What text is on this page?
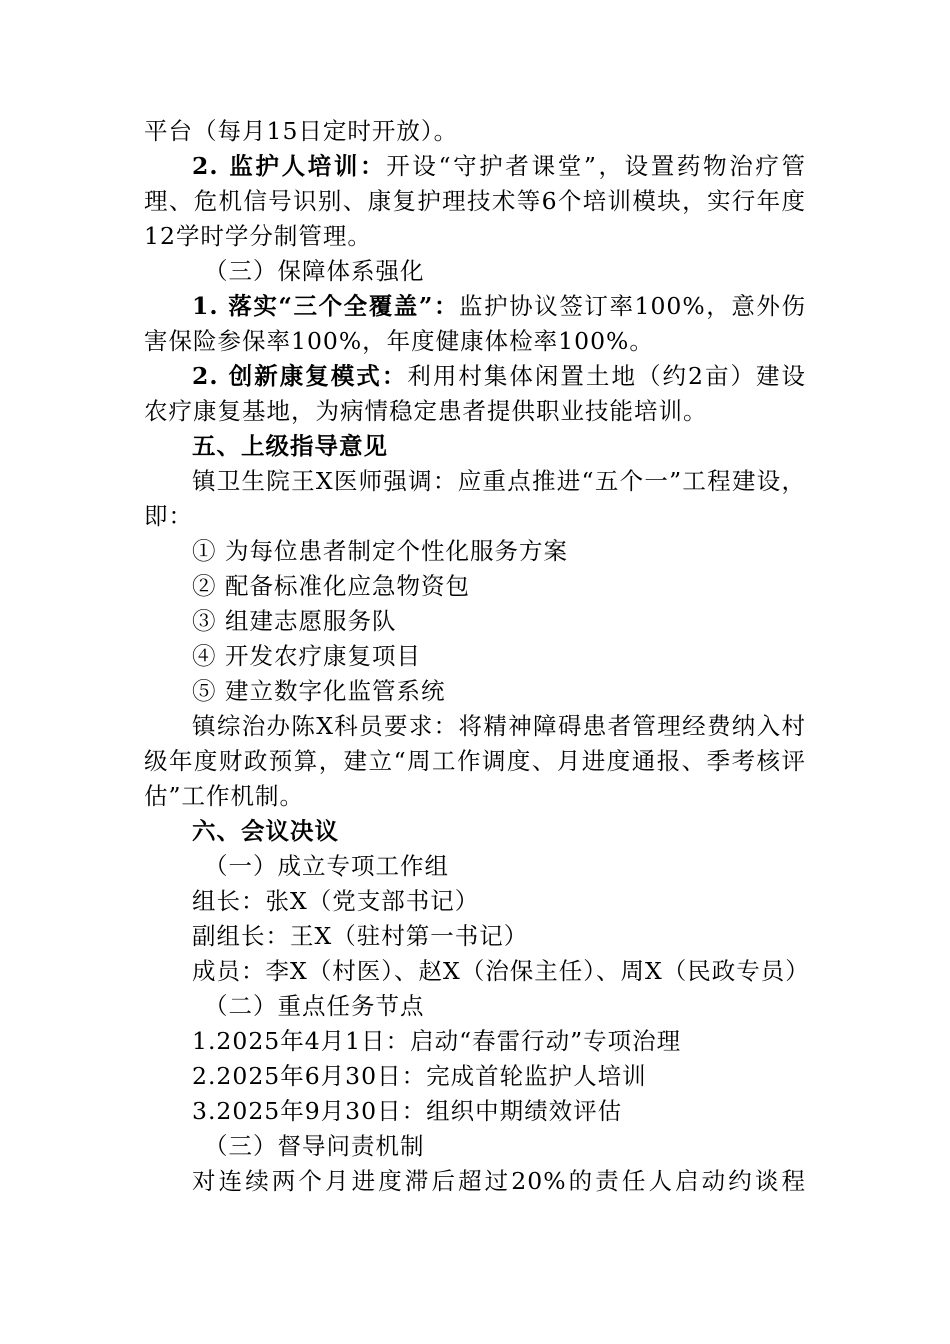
平台（每月15日定时开放）。

2. 监护人培训：开设“守护者课堂”，设置药物治疗管理、危机信号识别、康复护理技术等6个培训模块，实行年度12学时学分制管理。

（三）保障体系强化

1. 落实“三个全覆盖”：监护协议签订率100%，意外伤害保险参保率100%，年度健康体检率100%。

2. 创新康复模式：利用村集体闲置土地（约2亩）建设农疗康复基地，为病情稳定患者提供职业技能培训。

五、上级指导意见

镇卫生院王X医师强调：应重点推进“五个一”工程建设，即：

① 为每位患者制定个性化服务方案

② 配备标准化应急物资包

③ 组建志愿服务队

④ 开发农疗康复项目

⑤ 建立数字化监管系统

镇综治办陈X科员要求：将精神障碍患者管理经费纳入村级年度财政预算，建立“周工作调度、月进度通报、季考核评估”工作机制。

六、会议决议

（一）成立专项工作组

组长：张X（党支部书记）

副组长：王X（驻村第一书记）

成员：李X（村医）、赵X（治保主任）、周X（民政专员）

（二）重点任务节点

1.2025年4月1日：启动“春雷行动”专项治理

2.2025年6月30日：完成首轮监护人培训

3.2025年9月30日：组织中期绩效评估

（三）督导问责机制

对连续两个月进度滞后超过20%的责任人启动约谈程
